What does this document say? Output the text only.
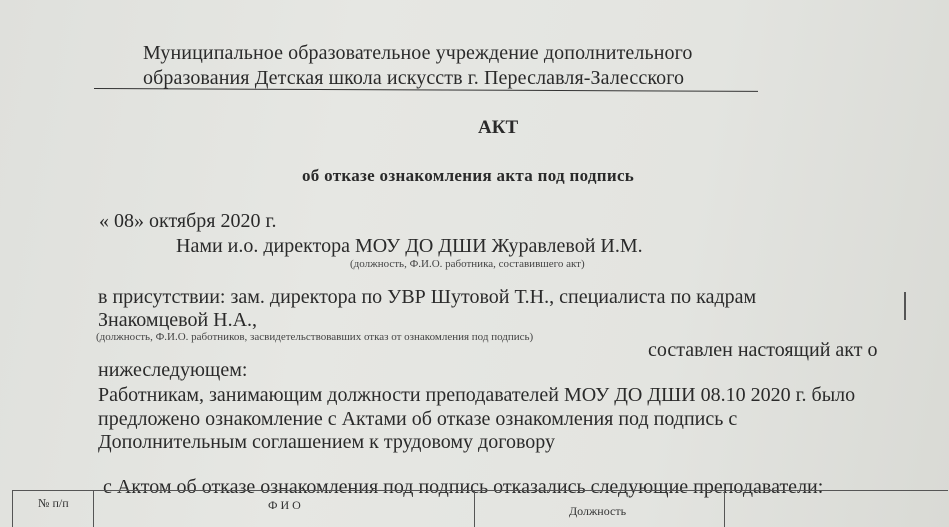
Муниципальное образовательное учреждение дополнительного
образования Детская школа искусств г. Переславля-Залесского
АКТ
об отказе ознакомления акта под подпись
« 08» октября 2020 г.
Нами и.о. директора МОУ ДО ДШИ Журавлевой И.М.
(должность, Ф.И.О. работника, составившего акт)
в присутствии: зам. директора по УВР Шутовой Т.Н., специалиста по кадрам
Знакомцевой Н.А.,
(должность, Ф.И.О. работников, засвидетельствовавших отказ от ознакомления под подпись)
составлен настоящий акт о
нижеследующем:
Работникам, занимающим должности преподавателей МОУ ДО ДШИ 08.10 2020 г. было
предложено ознакомление с Актами об отказе ознакомления под подпись с
Дополнительным соглашением к трудовому договору
с Актом об отказе ознакомления под подпись отказались следующие преподаватели:
№ п/п	Ф И О	Должность
